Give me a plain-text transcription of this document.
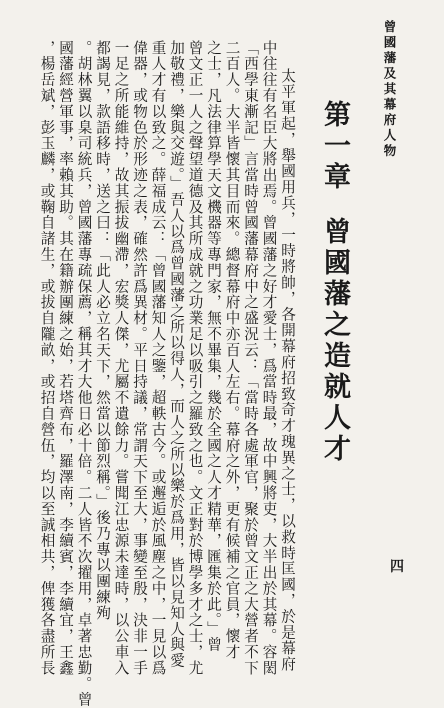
曾國藩及其幕府人物
第一章曾國藩之造就人才
太平軍起，舉國用兵，一時將帥，各開幕府招致奇才瑰異之士，以救時匡國，於是幕府
中往往有名臣大將出焉。曾國藩之好才愛士，爲當時最，故中興將吏，大半出於其幕。容閎
「西學東漸記」言當時曾國藩幕府中之盛況云：「當時各處軍官，聚於曾文正之大營者不下
二百人。大半皆懷其目而來。總督幕府中亦百人左右。幕府之外，更有候補之官員，懷才
之士，凡法律算學天文機器等專門家，無不畢集，幾於全國之人才精華，匯集於此。」曾
曾文正一人之聲望道德及其所成就之功業足以吸引之羅致之也。文正對於博學多才之士，尤
加敬禮，樂與交遊。」吾人以爲曾國藩之所以得人，而人之所以樂於爲用，皆以見知人與愛
重人才有以致之。薛福成云：「曾國藩知人之鑒，超軼古今。或邂逅於風塵之中，一見以爲
偉器，或物色於形迹之表，確然許爲異材。平日持議，常謂天下至大，事變至殷，決非一手
一足之所能維持，故其振拔幽滯，宏獎人傑，尤屬不遺餘力。嘗聞江忠源未達時，以公車入
都謁見，款語移時，送之曰：「此人必立名天下，然當以節烈稱。」後乃專以團練殉
。胡林翼以臬司統兵，曾國藩專疏保薦，稱其才大他日必十倍。二人皆不次擢用，卓著忠勤。曾
國藩經營軍事，率賴其助。其在籍辦團練之始，若塔齊布，羅澤南，李續賓，李續宜，王鑫
，楊岳斌，彭玉麟，或鞠自諸生，或拔自隴畝，或招自營伍，均以至誠相共，俾獲各盡所長	四
